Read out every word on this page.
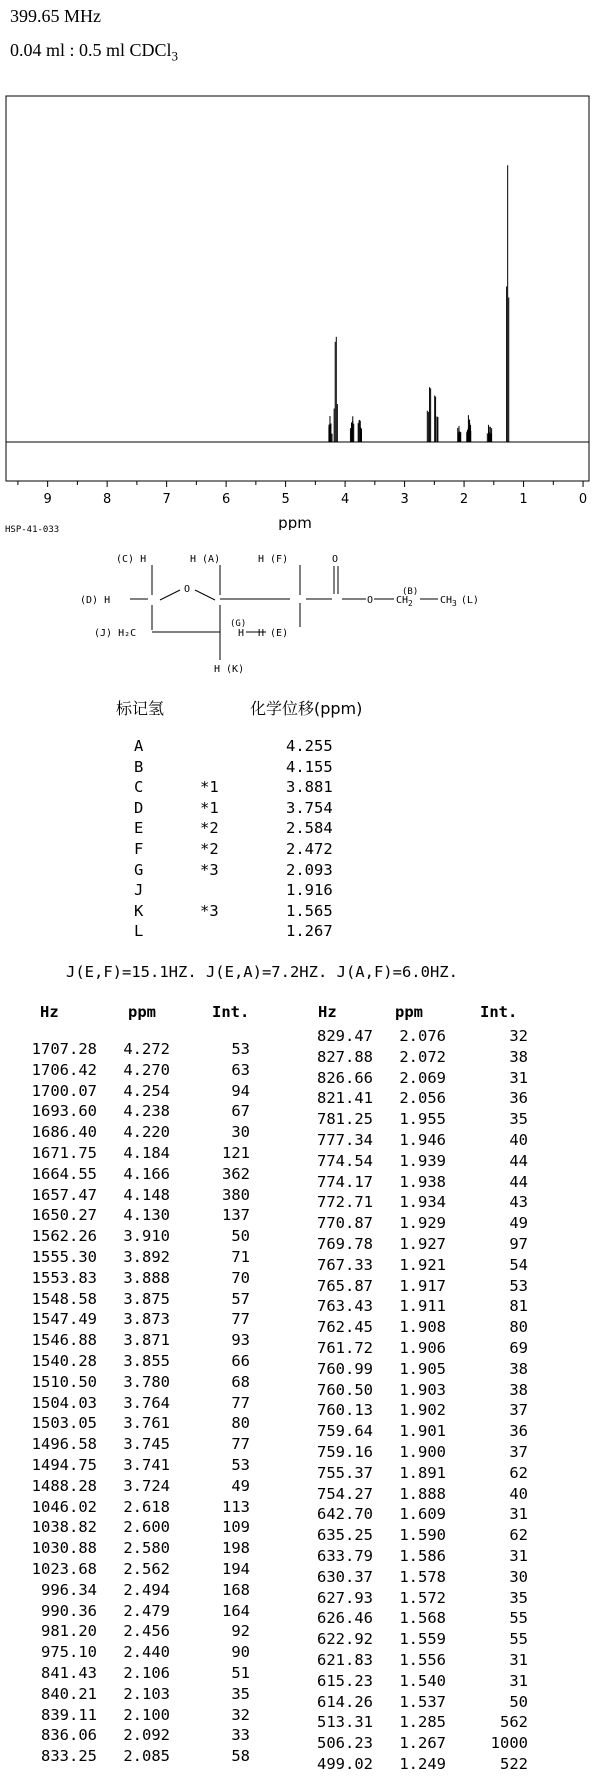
399.65 MHz
0.04 ml : 0.5 ml CDCl$_3$
9	8	7	6	5	4	3	2	1	0
ppm
HSP-41-033
(C) H	H (A)	H (F)	O
(D) H
O
O
(B)
$CH_2$	$CH_3$ (L)
(J) H₂C
(G)
H H (E)
H (K)
标记氢	化学位移(ppm)
A	4.255
B	4.155
C	*1	3.881
D	*1	3.754
E	*2	2.584
F	*2	2.472
G	*3	2.093
J	1.916
K	*3	1.565
L	1.267
J(E,F)=15.1HZ. J(E,A)=7.2HZ. J(A,F)=6.0HZ.
Hz	ppm	Int.	Hz	ppm	Int.
1707.28 4.272	53
1706.42 4.270	63
1700.07 4.254	94
1693.60 4.238	67
1686.40 4.220	30
1671.75 4.184	121
1664.55 4.166	362
1657.47 4.148	380
1650.27 4.130	137
1562.26 3.910	50
1555.30 3.892	71
1553.83 3.888	70
1548.58 3.875	57
1547.49 3.873	77
1546.88 3.871	93
1540.28 3.855	66
1510.50 3.780	68
1504.03 3.764	77
1503.05 3.761	80
1496.58 3.745	77
1494.75 3.741	53
1488.28 3.724	49
1046.02 2.618	113
1038.82 2.600	109
1030.88 2.580	198
1023.68 2.562	194
996.34 2.494	168
990.36 2.479	164
981.20 2.456	92
975.10 2.440	90
841.43 2.106	51
840.21 2.103	35
839.11 2.100	32
836.06 2.092	33
833.25 2.085	58
829.47 2.076	32
827.88 2.072	38
826.66 2.069	31
821.41 2.056	36
781.25 1.955	35
777.34 1.946	40
774.54 1.939	44
774.17 1.938	44
772.71 1.934	43
770.87 1.929	49
769.78 1.927	97
767.33 1.921	54
765.87 1.917	53
763.43 1.911	81
762.45 1.908	80
761.72 1.906	69
760.99 1.905	38
760.50 1.903	38
760.13 1.902	37
759.64 1.901	36
759.16 1.900	37
755.37 1.891	62
754.27 1.888	40
642.70 1.609	31
635.25 1.590	62
633.79 1.586	31
630.37 1.578	30
627.93 1.572	35
626.46 1.568	55
622.92 1.559	55
621.83 1.556	31
615.23 1.540	31
614.26 1.537	50
513.31 1.285	562
506.23 1.267	1000
499.02 1.249	522
